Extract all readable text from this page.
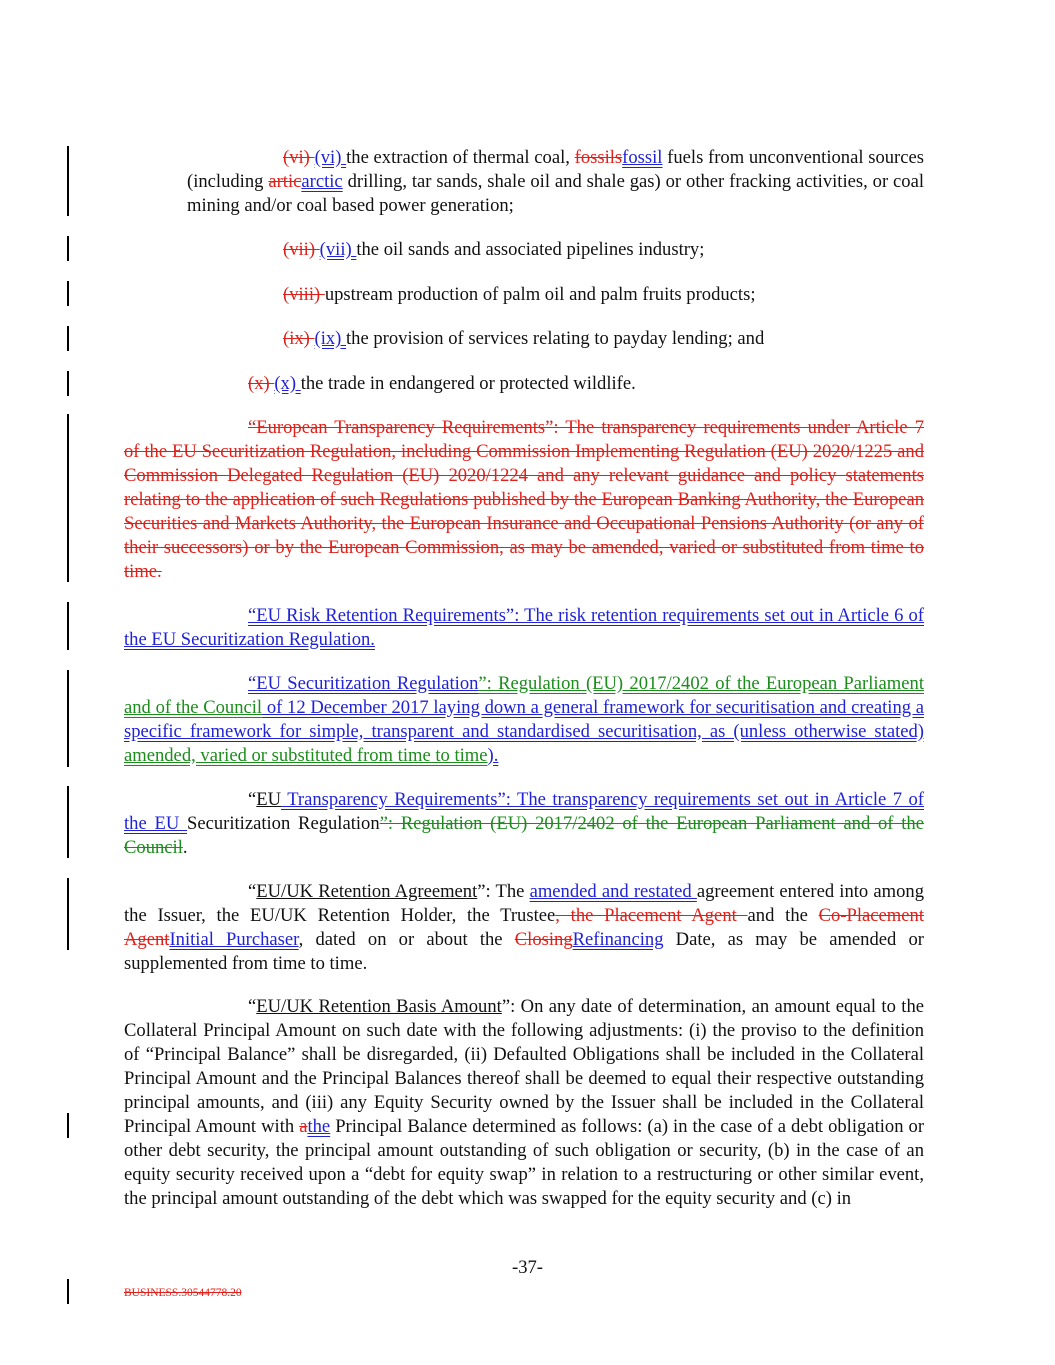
(vi) (vi) the extraction of thermal coal, fossilsfossil fuels from unconventional sources (including articarctic drilling, tar sands, shale oil and shale gas) or other fracking activities, or coal mining and/or coal based power generation;

(vii) (vii) the oil sands and associated pipelines industry;

(viii) upstream production of palm oil and palm fruits products;

(ix) (ix) the provision of services relating to payday lending; and

(x) (x) the trade in endangered or protected wildlife.

“European Transparency Requirements”: The transparency requirements under Article 7 of the EU Securitization Regulation, including Commission Implementing Regulation (EU) 2020/1225 and Commission Delegated Regulation (EU) 2020/1224 and any relevant guidance and policy statements relating to the application of such Regulations published by the European Banking Authority, the European Securities and Markets Authority, the European Insurance and Occupational Pensions Authority (or any of their successors) or by the European Commission, as may be amended, varied or substituted from time to time.

“EU Risk Retention Requirements”: The risk retention requirements set out in Article 6 of the EU Securitization Regulation.

“EU Securitization Regulation”: Regulation (EU) 2017/2402 of the European Parliament and of the Council of 12 December 2017 laying down a general framework for securitisation and creating a specific framework for simple, transparent and standardised securitisation, as (unless otherwise stated) amended, varied or substituted from time to time).

“EU Transparency Requirements”: The transparency requirements set out in Article 7 of the EU Securitization Regulation”: Regulation (EU) 2017/2402 of the European Parliament and of the Council.

“EU/UK Retention Agreement”: The amended and restated agreement entered into among the Issuer, the EU/UK Retention Holder, the Trustee, the Placement Agent and the Co-Placement AgentInitial Purchaser, dated on or about the ClosingRefinancing Date, as may be amended or supplemented from time to time.

“EU/UK Retention Basis Amount”: On any date of determination, an amount equal to the Collateral Principal Amount on such date with the following adjustments: (i) the proviso to the definition of “Principal Balance” shall be disregarded, (ii) Defaulted Obligations shall be included in the Collateral Principal Amount and the Principal Balances thereof shall be deemed to equal their respective outstanding principal amounts, and (iii) any Equity Security owned by the Issuer shall be included in the Collateral Principal Amount with athe Principal Balance determined as follows: (a) in the case of a debt obligation or other debt security, the principal amount outstanding of such obligation or security, (b) in the case of an equity security received upon a “debt for equity swap” in relation to a restructuring or other similar event, the principal amount outstanding of the debt which was swapped for the equity security and (c) in

-37-
BUSINESS.30544778.20
